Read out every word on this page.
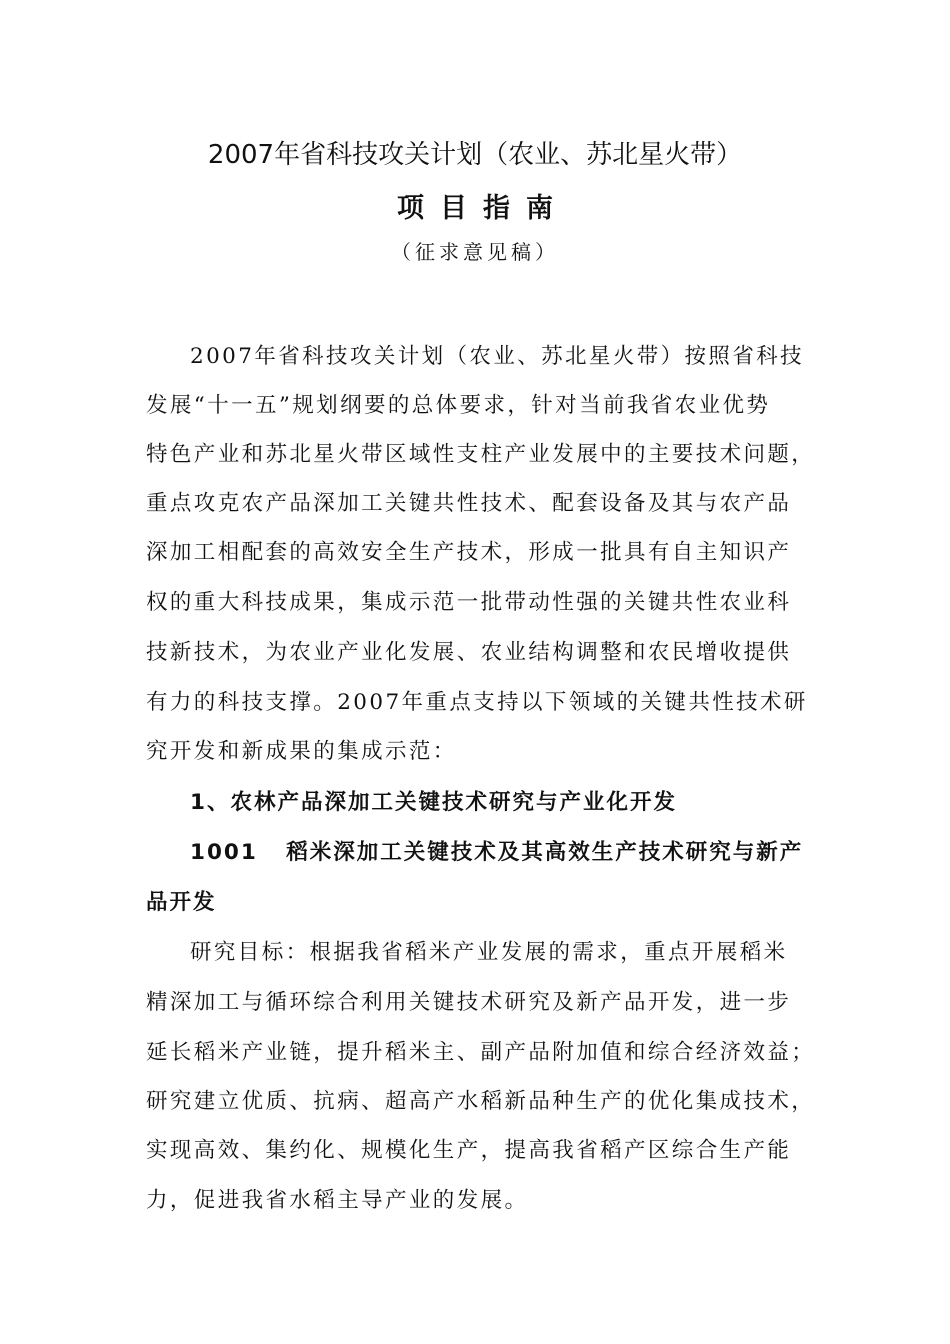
2007年省科技攻关计划（农业、苏北星火带）
项目指南
（征求意见稿）
2007年省科技攻关计划（农业、苏北星火带）按照省科技
发展“十一五”规划纲要的总体要求，针对当前我省农业优势
特色产业和苏北星火带区域性支柱产业发展中的主要技术问题，
重点攻克农产品深加工关键共性技术、配套设备及其与农产品
深加工相配套的高效安全生产技术，形成一批具有自主知识产
权的重大科技成果，集成示范一批带动性强的关键共性农业科
技新技术，为农业产业化发展、农业结构调整和农民增收提供
有力的科技支撑。2007年重点支持以下领域的关键共性技术研
究开发和新成果的集成示范：
1、农林产品深加工关键技术研究与产业化开发
1001   稻米深加工关键技术及其高效生产技术研究与新产
品开发
研究目标：根据我省稻米产业发展的需求，重点开展稻米
精深加工与循环综合利用关键技术研究及新产品开发，进一步
延长稻米产业链，提升稻米主、副产品附加值和综合经济效益；
研究建立优质、抗病、超高产水稻新品种生产的优化集成技术，
实现高效、集约化、规模化生产，提高我省稻产区综合生产能
力，促进我省水稻主导产业的发展。
